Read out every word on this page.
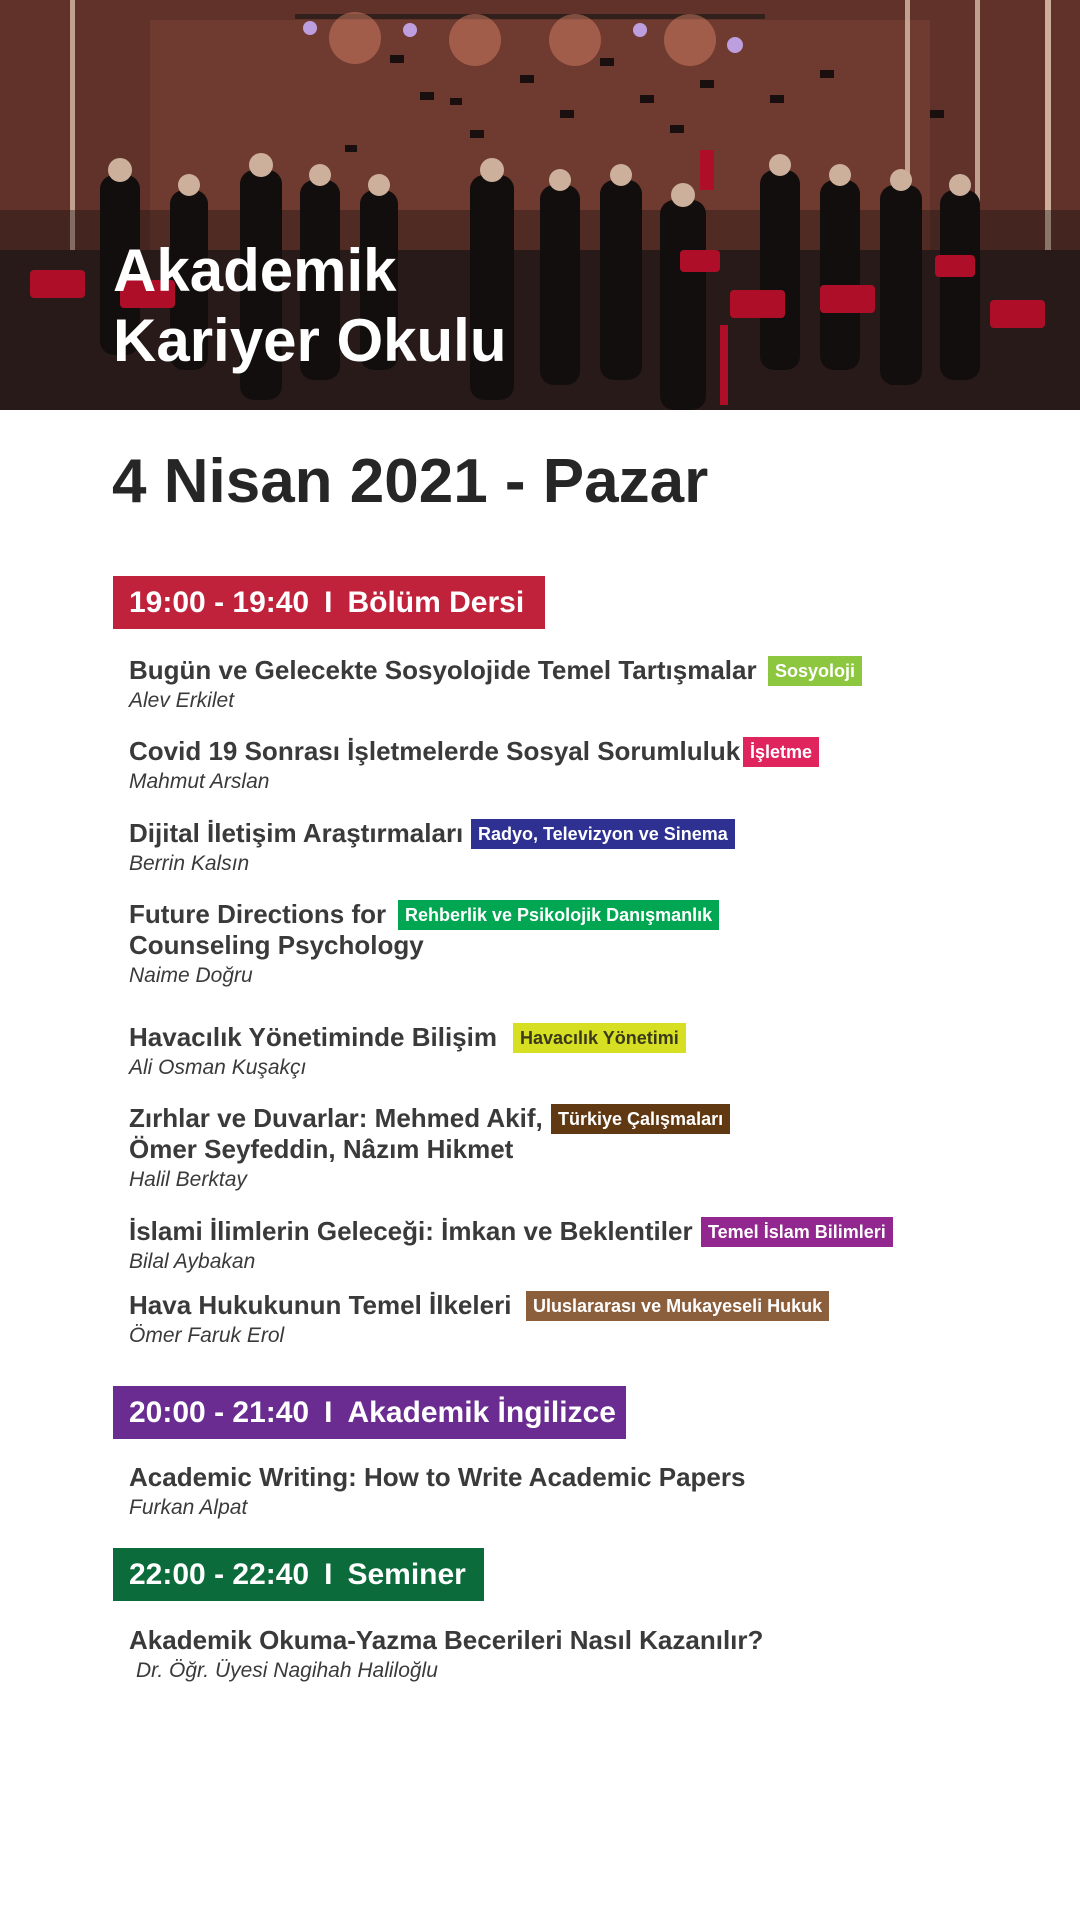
Akademik
Kariyer Okulu
4 Nisan 2021 - Pazar
19:00 - 19:40 I Bölüm Dersi

Bugün ve Gelecekte Sosyolojide Temel Tartışmalar

Alev Erkilet

Sosyoloji

Covid 19 Sonrası İşletmelerde Sosyal Sorumluluk

Mahmut Arslan

İşletme

Dijital İletişim Araştırmaları

Berrin Kalsın

Radyo, Televizyon ve Sinema

Future Directions for

Counseling Psychology

Naime Doğru

Rehberlik ve Psikolojik Danışmanlık

Havacılık Yönetiminde Bilişim

Ali Osman Kuşakçı

Havacılık Yönetimi

Zırhlar ve Duvarlar: Mehmed Akif,

Ömer Seyfeddin, Nâzım Hikmet

Halil Berktay

Türkiye Çalışmaları

İslami İlimlerin Geleceği: İmkan ve Beklentiler

Bilal Aybakan

Temel İslam Bilimleri

Hava Hukukunun Temel İlkeleri

Ömer Faruk Erol

Uluslararası ve Mukayeseli Hukuk
20:00 - 21:40 I Akademik İngilizce

Academic Writing: How to Write Academic Papers

Furkan Alpat

22:00 - 22:40 I Seminer

Akademik Okuma-Yazma Becerileri Nasıl Kazanılır?

Dr. Öğr. Üyesi Nagihah Haliloğlu
